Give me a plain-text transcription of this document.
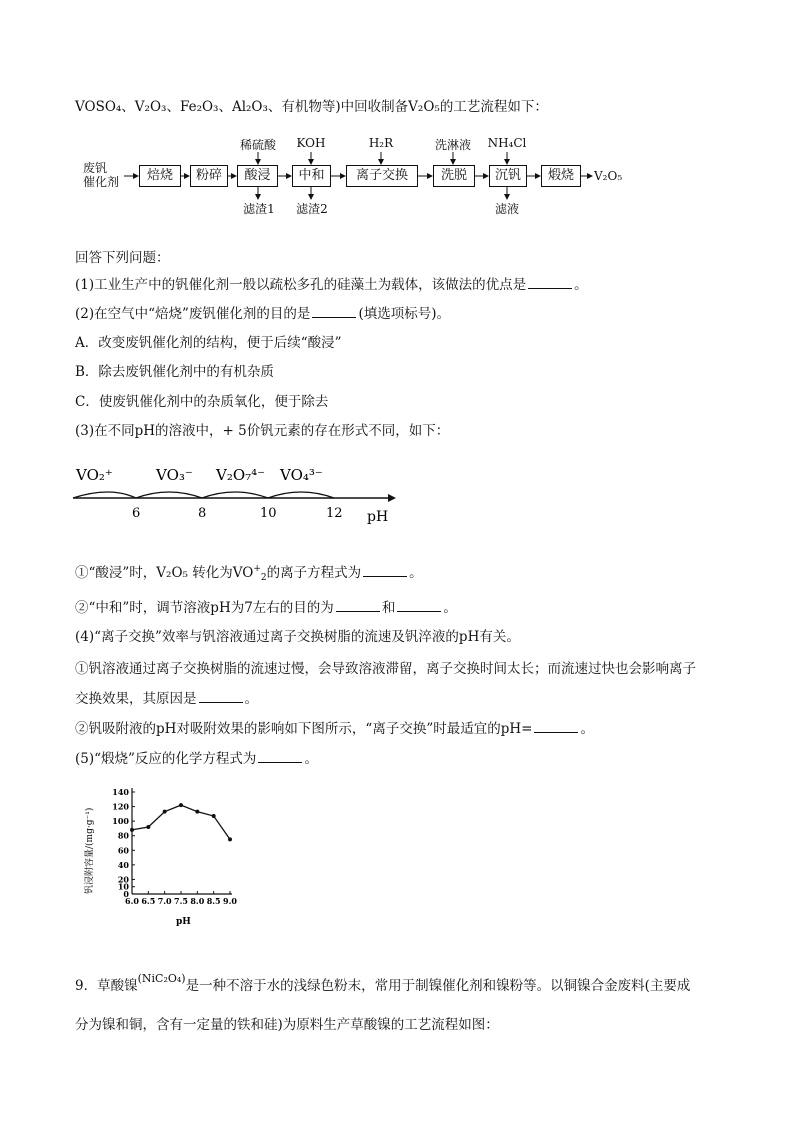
VOSO₄、V₂O₃、Fe₂O₃、Al₂O₃、有机物等)中回收制备V₂O₅的工艺流程如下：
废钒
催化剂	焙烧	粉碎	酸浸	中和	离子交换	洗脱	沉钒	煅烧	V₂O₅
稀硫酸	KOH	H₂R	洗淋液	NH₄Cl
滤渣1	滤渣2	滤液
回答下列问题：
(1)工业生产中的钒催化剂一般以疏松多孔的硅藻土为载体，该做法的优点是	。
(2)在空气中“焙烧”废钒催化剂的目的是	(填选项标号)。
A．改变废钒催化剂的结构，便于后续“酸浸”
B．除去废钒催化剂中的有机杂质
C．使废钒催化剂中的杂质氧化，便于除去
(3)在不同pH的溶液中，+ 5价钒元素的存在形式不同，如下：
VO₂⁺	VO₃⁻ V₂O₇⁴⁻ VO₄³⁻
6	8	10	12 pH
①“酸浸”时，V₂O₅ 转化为$VO^+_2$的离子方程式为	。
②“中和”时，调节溶液pH为7左右的目的为	和	。
(4)“离子交换”效率与钒溶液通过离子交换树脂的流速及钒淬液的pH有关。
①钒溶液通过离子交换树脂的流速过慢，会导致溶液滞留，离子交换时间太长；而流速过快也会影响离子
交换效果，其原因是	。
②钒吸附液的pH对吸附效果的影响如下图所示，“离子交换”时最适宜的pH=	。
(5)“煅烧”反应的化学方程式为	。
钒浸附容量/(mg·g⁻¹)	0
10
20
40
60
80
100
120
140
6.0 6.5 7.0 7.5 8.0 8.5 9.0
pH
9．草酸镍(NiC₂O₄)是一种不溶于水的浅绿色粉末，常用于制镍催化剂和镍粉等。以铜镍合金废料(主要成
分为镍和铜，含有一定量的铁和硅)为原料生产草酸镍的工艺流程如图：
